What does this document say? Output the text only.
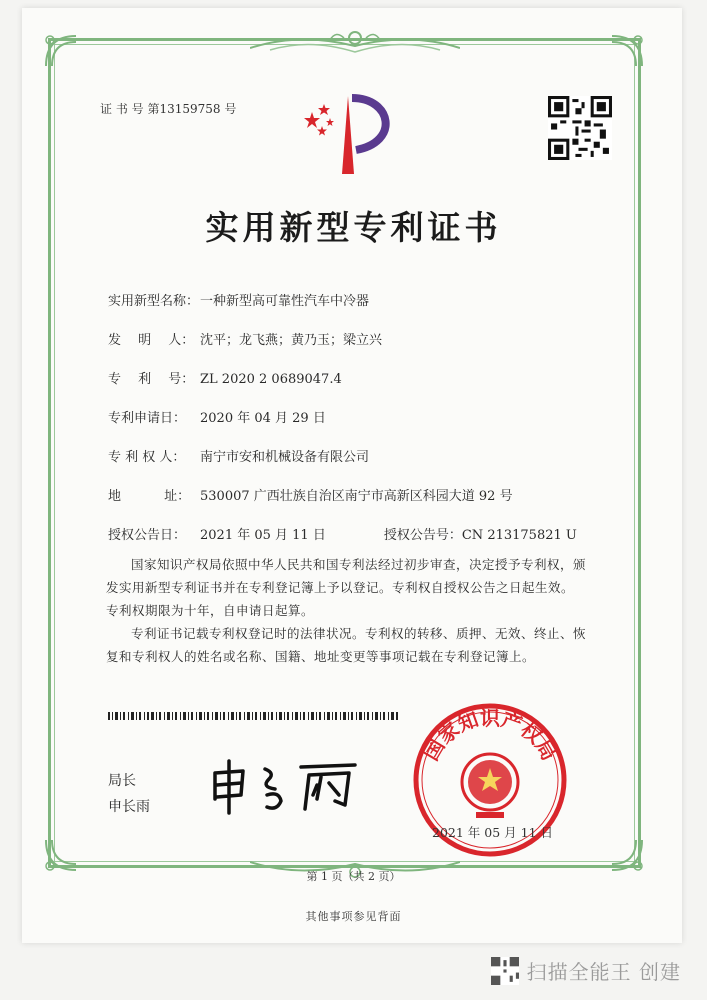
证 书 号 第13159758 号
实用新型专利证书
实用新型名称：一种新型高可靠性汽车中冷器
发　 明　 人： 沈平；龙飞燕；黄乃玉；梁立兴
专　 利　 号： ZL 2020 2 0689047.4
专利申请日： 2020 年 04 月 29 日
专 利 权 人： 南宁市安和机械设备有限公司
地　　　 址： 530007 广西壮族自治区南宁市高新区科园大道 92 号
授权公告日： 2021 年 05 月 11 日	授权公告号：CN 213175821 U
国家知识产权局依照中华人民共和国专利法经过初步审查，决定授予专利权，颁发实用新型专利证书并在专利登记簿上予以登记。专利权自授权公告之日起生效。专利权期限为十年，自申请日起算。
专利证书记载专利权登记时的法律状况。专利权的转移、质押、无效、终止、恢复和专利权人的姓名或名称、国籍、地址变更等事项记载在专利登记簿上。
局长
申长雨
国家知识产权局
2021 年 05 月 11 日
第 1 页（共 2 页）
其他事项参见背面
扫描全能王 创建
